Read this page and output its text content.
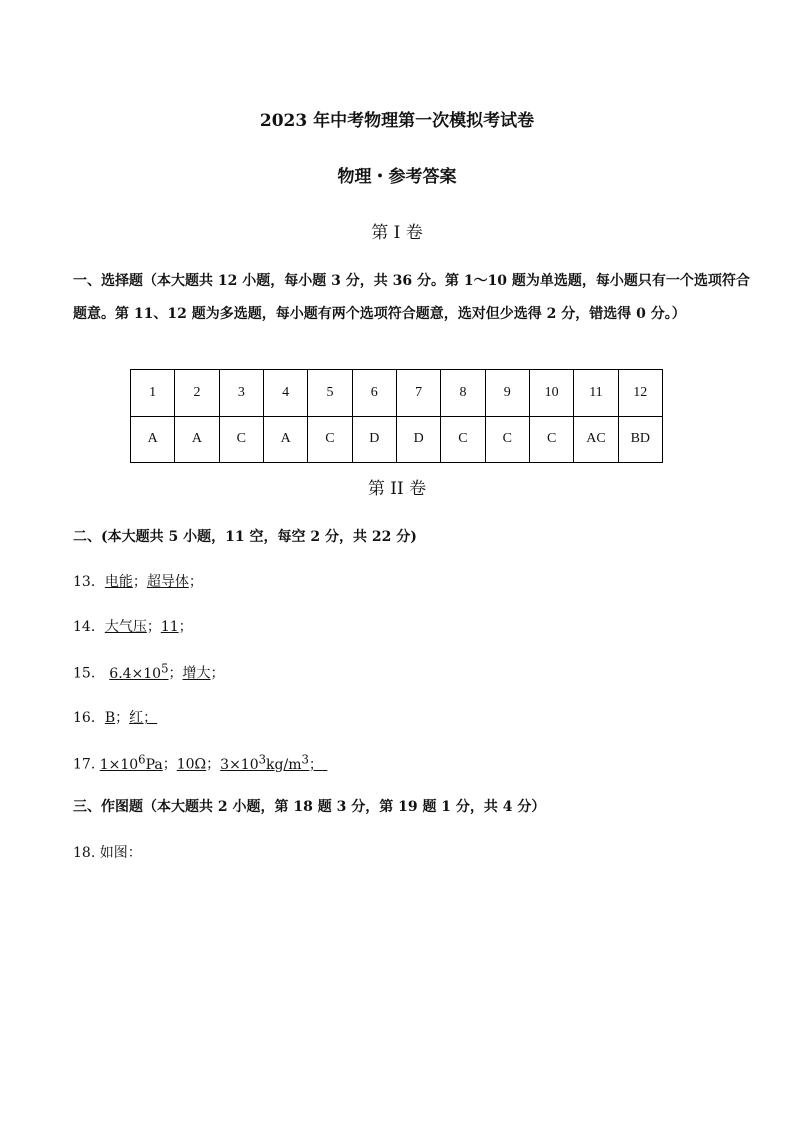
2023 年中考物理第一次模拟考试卷

物理・参考答案

第 I 卷

一、选择题（本大题共 12 小题，每小题 3 分，共 36 分。第 1～10 题为单选题，每小题只有一个选项符合

题意。第 11、12 题为多选题，每小题有两个选项符合题意，选对但少选得 2 分，错选得 0 分。）

1	2	3	4	5	6	7	8	9	10	11	12
A	A	C	A	C	D	D	C	C	C	AC	BD

第 II 卷

二、(本大题共 5 小题，11 空，每空 2 分，共 22 分)

13．电能；超导体；

14．大气压；11；

15． $6.4\times 10^5$；增大；

16．B；红；

17. $1\times 10^6Pa$；10Ω；$3\times 10^3kg/m^3$；

三、作图题（本大题共 2 小题，第 18 题 3 分，第 19 题 1 分，共 4 分）

18. 如图：
